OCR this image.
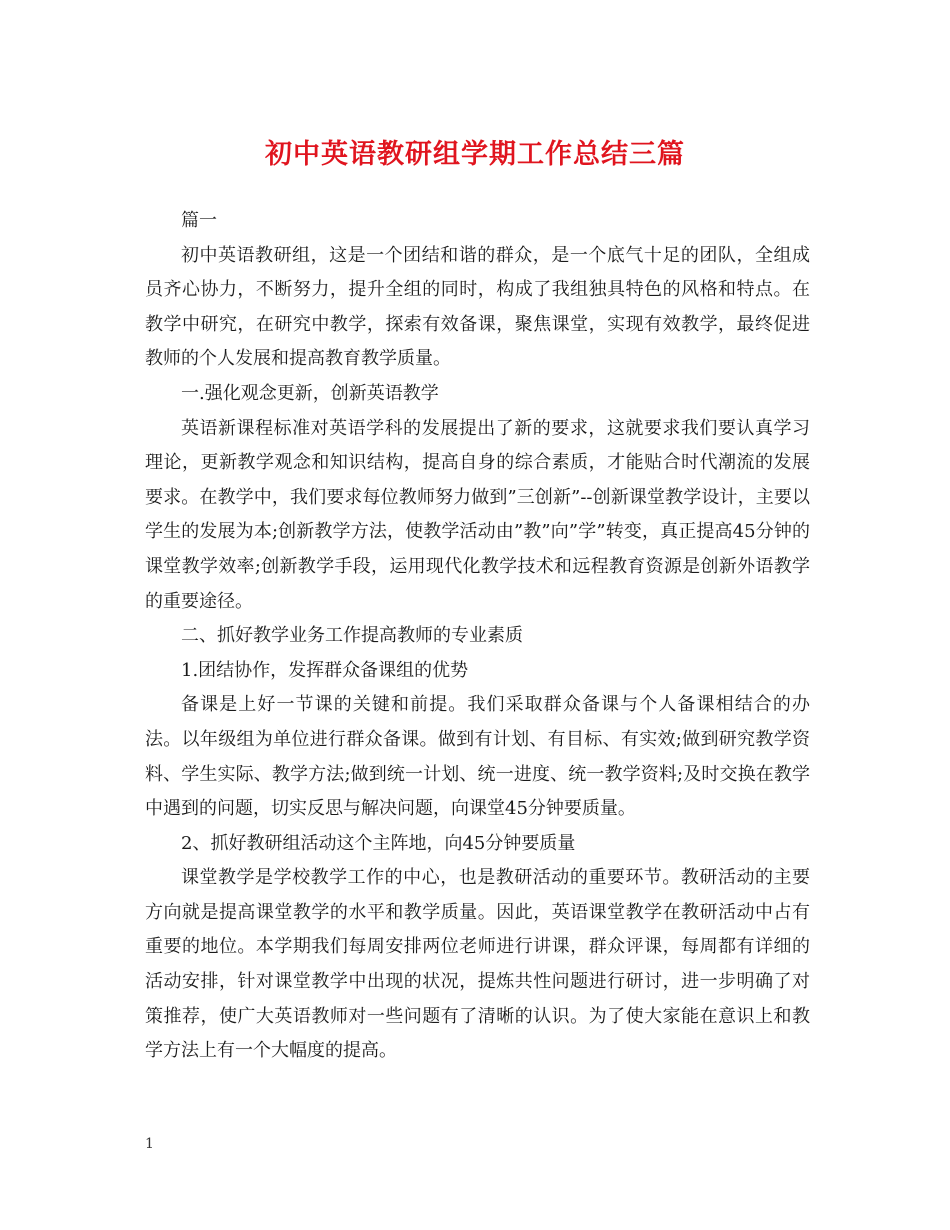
初中英语教研组学期工作总结三篇

篇一

初中英语教研组，这是一个团结和谐的群众，是一个底气十足的团队，全组成员齐心协力，不断努力，提升全组的同时，构成了我组独具特色的风格和特点。在教学中研究，在研究中教学，探索有效备课，聚焦课堂，实现有效教学，最终促进教师的个人发展和提高教育教学质量。

一.强化观念更新，创新英语教学

英语新课程标准对英语学科的发展提出了新的要求，这就要求我们要认真学习理论，更新教学观念和知识结构，提高自身的综合素质，才能贴合时代潮流的发展要求。在教学中，我们要求每位教师努力做到”三创新”--创新课堂教学设计，主要以学生的发展为本;创新教学方法，使教学活动由”教”向”学”转变，真正提高45分钟的课堂教学效率;创新教学手段，运用现代化教学技术和远程教育资源是创新外语教学的重要途径。

二、抓好教学业务工作提高教师的专业素质

1.团结协作，发挥群众备课组的优势

备课是上好一节课的关键和前提。我们采取群众备课与个人备课相结合的办法。以年级组为单位进行群众备课。做到有计划、有目标、有实效;做到研究教学资料、学生实际、教学方法;做到统一计划、统一进度、统一教学资料;及时交换在教学中遇到的问题，切实反思与解决问题，向课堂45分钟要质量。

2、抓好教研组活动这个主阵地，向45分钟要质量

课堂教学是学校教学工作的中心，也是教研活动的重要环节。教研活动的主要方向就是提高课堂教学的水平和教学质量。因此，英语课堂教学在教研活动中占有重要的地位。本学期我们每周安排两位老师进行讲课，群众评课，每周都有详细的活动安排，针对课堂教学中出现的状况，提炼共性问题进行研讨，进一步明确了对策推荐，使广大英语教师对一些问题有了清晰的认识。为了使大家能在意识上和教学方法上有一个大幅度的提高。

1
